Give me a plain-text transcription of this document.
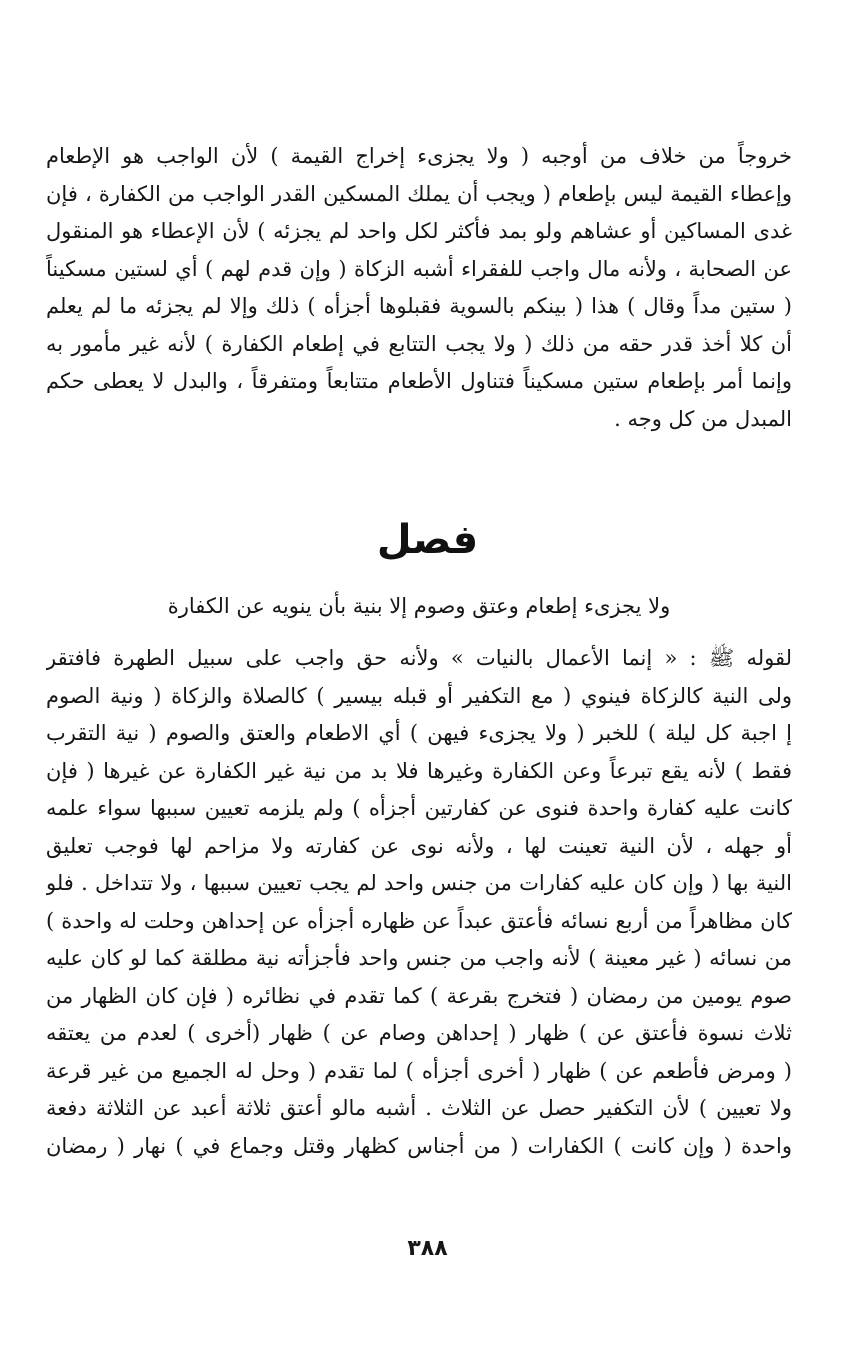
خروجاً من خلاف من أوجبه ( ولا يجزىء إخراج القيمة ) لأن الواجب هو الإطعام
وإعطاء القيمة ليس بإطعام ( ويجب أن يملك المسكين القدر الواجب من الكفارة ، فإن
غدى المساكين أو عشاهم ولو بمد فأكثر لكل واحد لم يجزئه ) لأن الإعطاء هو المنقول
عن الصحابة ، ولأنه مال واجب للفقراء أشبه الزكاة ( وإن قدم لهم ) أي لستين مسكيناً
( ستين مداً وقال ) هذا ( بينكم بالسوية فقبلوها أجزأه ) ذلك وإلا لم يجزئه ما لم يعلم
أن كلا أخذ قدر حقه من ذلك ( ولا يجب التتابع في إطعام الكفارة ) لأنه غير مأمور به
وإنما أمر بإطعام ستين مسكيناً فتناول الأطعام متتابعاً ومتفرقاً ، والبدل لا يعطى حكم
المبدل من كل وجه .
فصل
ولا يجزىء إطعام وعتق وصوم إلا بنية بأن ينويه عن الكفارة
لقوله ﷺ : « إنما الأعمال بالنيات » ولأنه حق واجب على سبيل الطهرة فافتقر
ولى النية كالزكاة فينوي ( مع التكفير أو قبله بيسير ) كالصلاة والزكاة ( ونية الصوم
إ اجبة كل ليلة ) للخبر ( ولا يجزىء فيهن ) أي الاطعام والعتق والصوم ( نية التقرب
فقط ) لأنه يقع تبرعاً وعن الكفارة وغيرها فلا بد من نية غير الكفارة عن غيرها ( فإن
كانت عليه كفارة واحدة فنوى عن كفارتين أجزأه ) ولم يلزمه تعيين سببها سواء علمه
أو جهله ، لأن النية تعينت لها ، ولأنه نوى عن كفارته ولا مزاحم لها فوجب تعليق
النية بها ( وإن كان عليه كفارات من جنس واحد لم يجب تعيين سببها ، ولا تتداخل . فلو
كان مظاهراً من أربع نسائه فأعتق عبداً عن ظهاره أجزأه عن إحداهن وحلت له واحدة )
من نسائه ( غير معينة ) لأنه واجب من جنس واحد فأجزأته نية مطلقة كما لو كان عليه
صوم يومين من رمضان ( فتخرج بقرعة ) كما تقدم في نظائره ( فإن كان الظهار من
ثلاث نسوة فأعتق عن ) ظهار ( إحداهن وصام عن ) ظهار (أخرى ) لعدم من يعتقه
( ومرض فأطعم عن ) ظهار ( أخرى أجزأه ) لما تقدم ( وحل له الجميع من غير قرعة
ولا تعيين ) لأن التكفير حصل عن الثلاث . أشبه مالو أعتق ثلاثة أعبد عن الثلاثة دفعة
واحدة ( وإن كانت ) الكفارات ( من أجناس كظهار وقتل وجماع في ) نهار ( رمضان
٣٨٨
